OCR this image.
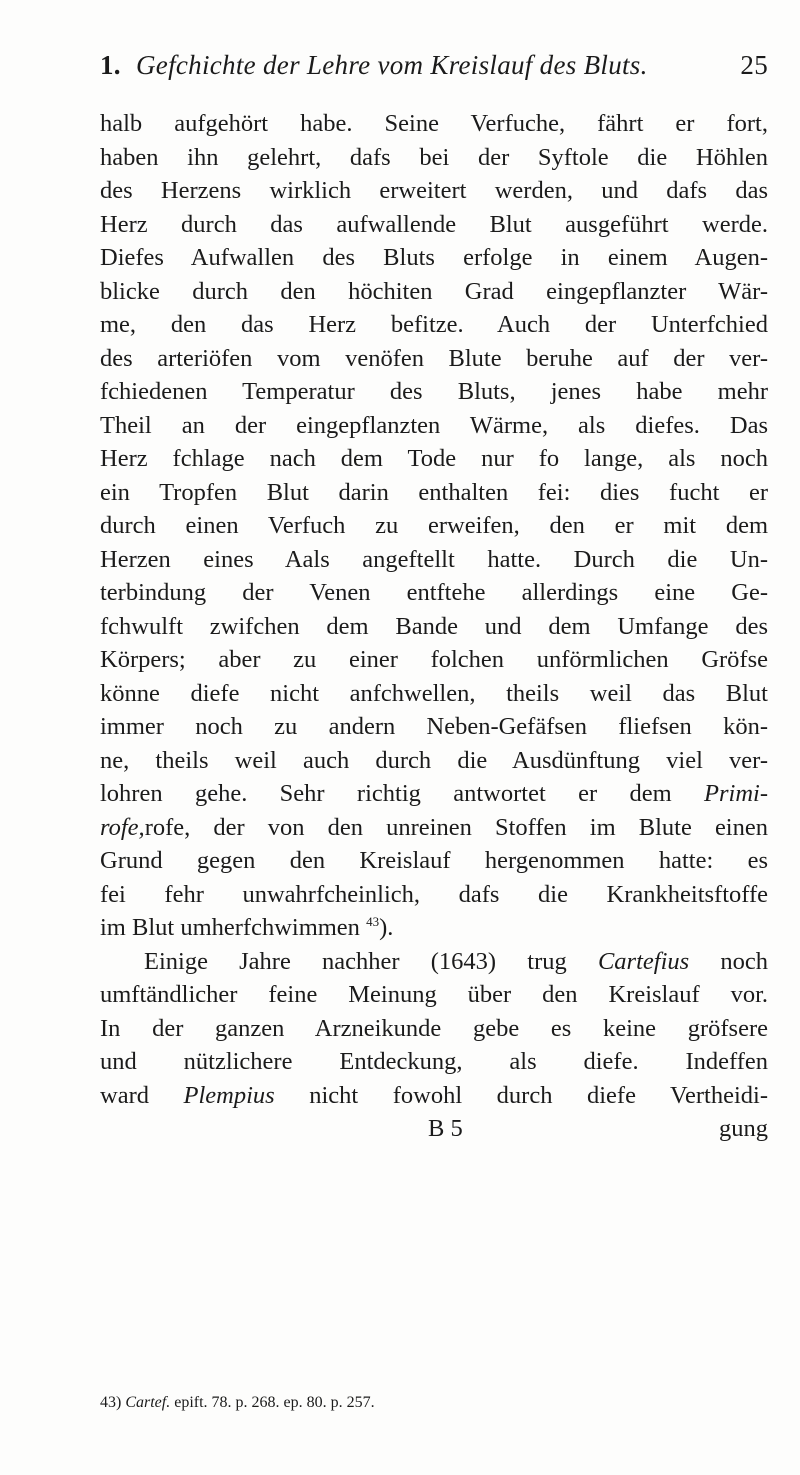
1. Gefchichte der Lehre vom Kreislauf des Bluts.	25
halb aufgehört habe. Seine Verfuche, fährt er fort,
haben ihn gelehrt, dafs bei der Syftole die Höhlen
des Herzens wirklich erweitert werden, und dafs das
Herz durch das aufwallende Blut ausgeführt werde.
Diefes Aufwallen des Bluts erfolge in einem Augen-
blicke durch den höchiten Grad eingepflanzter Wär-
me, den das Herz befitze. Auch der Unterfchied
des arteriöfen vom venöfen Blute beruhe auf der ver-
fchiedenen Temperatur des Bluts, jenes habe mehr
Theil an der eingepflanzten Wärme, als diefes. Das
Herz fchlage nach dem Tode nur fo lange, als noch
ein Tropfen Blut darin enthalten fei: dies fucht er
durch einen Verfuch zu erweifen, den er mit dem
Herzen eines Aals angeftellt hatte. Durch die Un-
terbindung der Venen entftehe allerdings eine Ge-
fchwulft zwifchen dem Bande und dem Umfange des
Körpers; aber zu einer folchen unförmlichen Gröfse
könne diefe nicht anfchwellen, theils weil das Blut
immer noch zu andern Neben-Gefäfsen fliefsen kön-
ne, theils weil auch durch die Ausdünftung viel ver-
lohren gehe. Sehr richtig antwortet er dem Primi-
rofe,rofe, der von den unreinen Stoffen im Blute einen
Grund gegen den Kreislauf hergenommen hatte: es
fei fehr unwahrfcheinlich, dafs die Krankheitsftoffe
im Blut umherfchwimmen $^{43}$).
Einige Jahre nachher (1643) trug Cartefius noch
umftändlicher feine Meinung über den Kreislauf vor.
In der ganzen Arzneikunde gebe es keine gröfsere
und nützlichere Entdeckung, als diefe. Indeffen
ward Plempius nicht fowohl durch diefe Vertheidi-
B 5	gung
43) Cartef. epift. 78. p. 268. ep. 80. p. 257.
